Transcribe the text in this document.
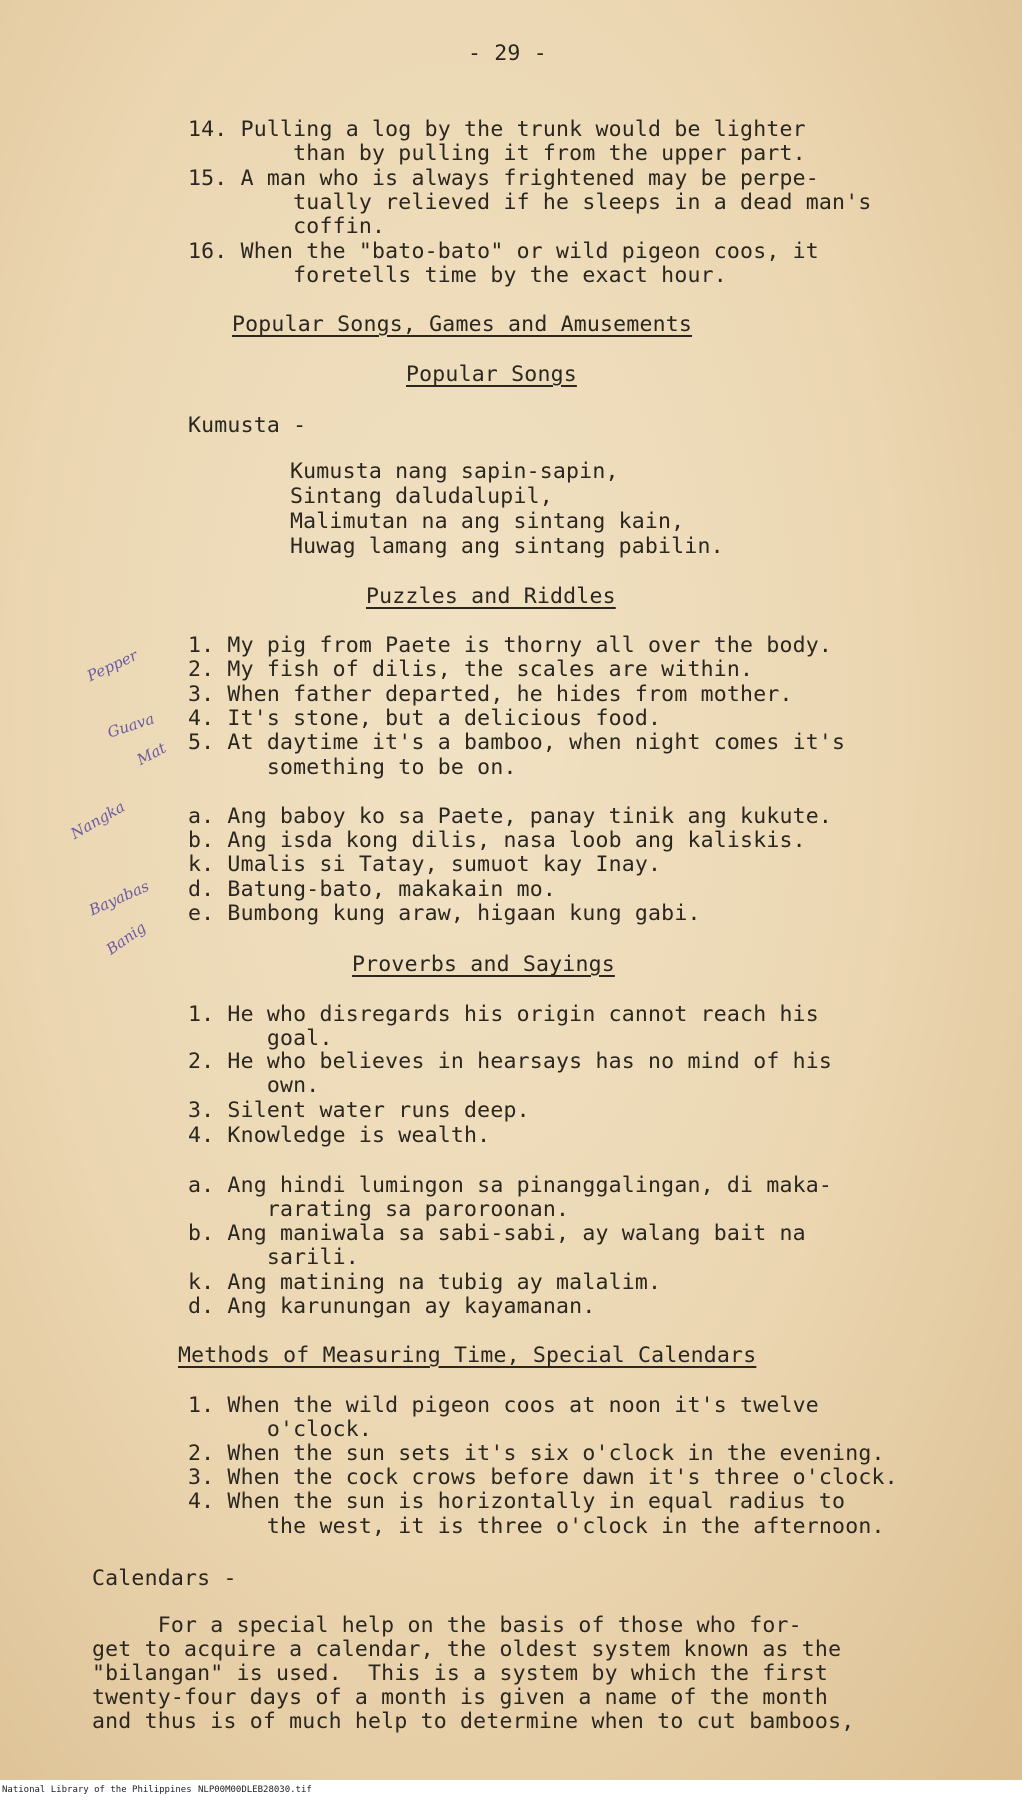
- 29 -

14. Pulling a log by the trunk would be lighter

than by pulling it from the upper part.

15. A man who is always frightened may be perpe-

tually relieved if he sleeps in a dead man's

coffin.

16. When the "bato-bato" or wild pigeon coos, it

foretells time by the exact hour.

Popular Songs, Games and Amusements

Popular Songs

Kumusta -

Kumusta nang sapin-sapin,

Sintang daludalupil,

Malimutan na ang sintang kain,

Huwag lamang ang sintang pabilin.

Puzzles and Riddles

1. My pig from Paete is thorny all over the body.

2. My fish of dilis, the scales are within.

3. When father departed, he hides from mother.

4. It's stone, but a delicious food.

5. At daytime it's a bamboo, when night comes it's

something to be on.

a. Ang baboy ko sa Paete, panay tinik ang kukute.

b. Ang isda kong dilis, nasa loob ang kaliskis.

k. Umalis si Tatay, sumuot kay Inay.

d. Batung-bato, makakain mo.

e. Bumbong kung araw, higaan kung gabi.

Proverbs and Sayings

1. He who disregards his origin cannot reach his

goal.

2. He who believes in hearsays has no mind of his

own.

3. Silent water runs deep.

4. Knowledge is wealth.

a. Ang hindi lumingon sa pinanggalingan, di maka-

rarating sa paroroonan.

b. Ang maniwala sa sabi-sabi, ay walang bait na

sarili.

k. Ang matining na tubig ay malalim.

d. Ang karunungan ay kayamanan.

Methods of Measuring Time, Special Calendars

1. When the wild pigeon coos at noon it's twelve

o'clock.

2. When the sun sets it's six o'clock in the evening.

3. When the cock crows before dawn it's three o'clock.

4. When the sun is horizontally in equal radius to

the west, it is three o'clock in the afternoon.

Calendars -

For a special help on the basis of those who for-

get to acquire a calendar, the oldest system known as the

"bilangan" is used.  This is a system by which the first

twenty-four days of a month is given a name of the month

and thus is of much help to determine when to cut bamboos,

Pepper

Guava

Mat

Nangka

Bayabas

Banig

National Library of the Philippines NLP00M00DLEB28030.tif
